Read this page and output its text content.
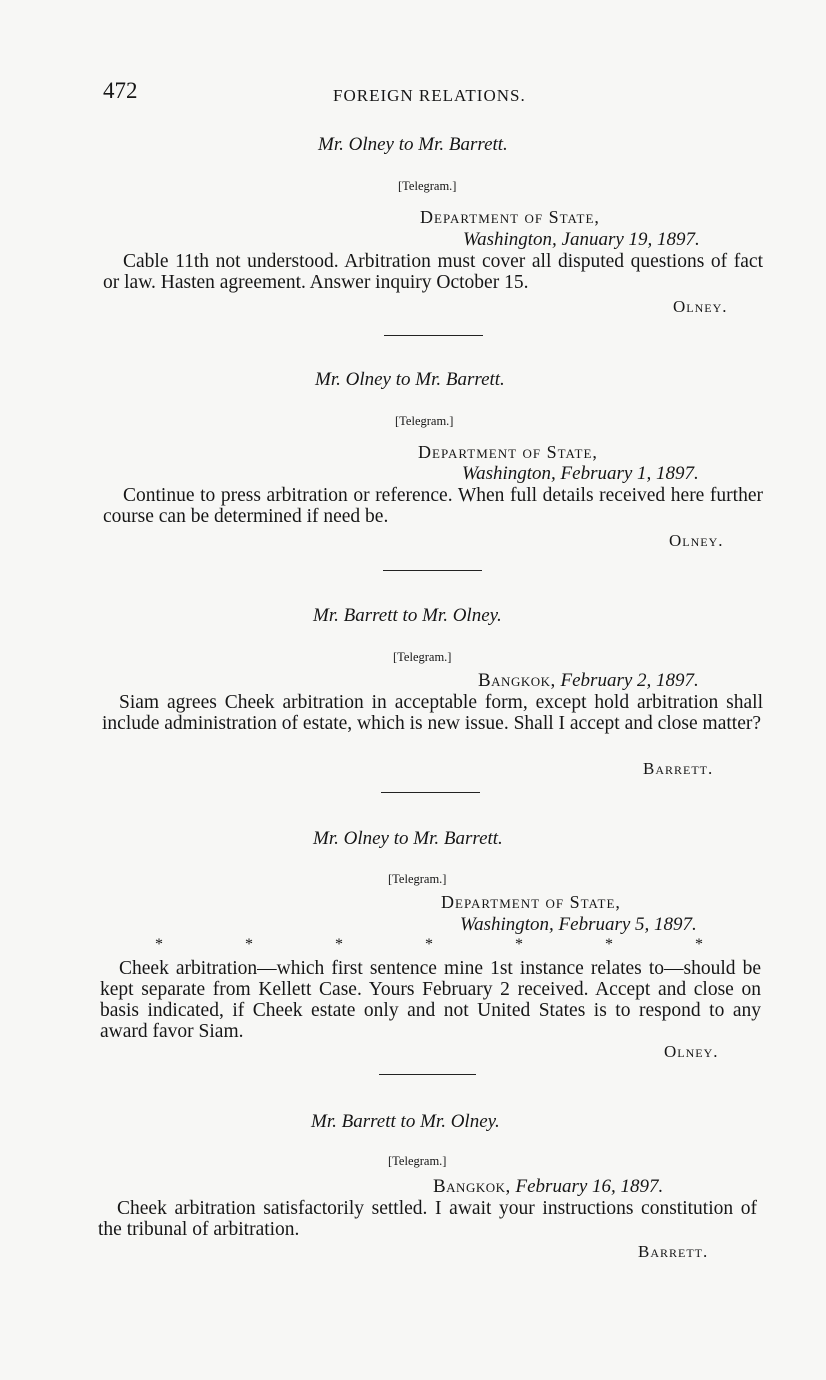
472	FOREIGN RELATIONS.
Mr. Olney to Mr. Barrett.
[Telegram.]
Department of State,
Washington, January 19, 1897.

Cable 11th not understood. Arbitration must cover all disputed questions of fact or law. Hasten agreement. Answer inquiry October 15.

Olney.
Mr. Olney to Mr. Barrett.
[Telegram.]
Department of State,
Washington, February 1, 1897.

Continue to press arbitration or reference. When full details received here further course can be determined if need be.

Olney.
Mr. Barrett to Mr. Olney.
[Telegram.]
Bangkok, February 2, 1897.

Siam agrees Cheek arbitration in acceptable form, except hold arbitration shall include administration of estate, which is new issue. Shall I accept and close matter?

Barrett.
Mr. Olney to Mr. Barrett.
[Telegram.]
Department of State,
Washington, February 5, 1897.
*	*	*	*	*	*	*

Cheek arbitration—which first sentence mine 1st instance relates to—should be kept separate from Kellett Case. Yours February 2 received. Accept and close on basis indicated, if Cheek estate only and not United States is to respond to any award favor Siam.

Olney.
Mr. Barrett to Mr. Olney.
[Telegram.]
Bangkok, February 16, 1897.

Cheek arbitration satisfactorily settled. I await your instructions constitution of the tribunal of arbitration.

Barrett.
